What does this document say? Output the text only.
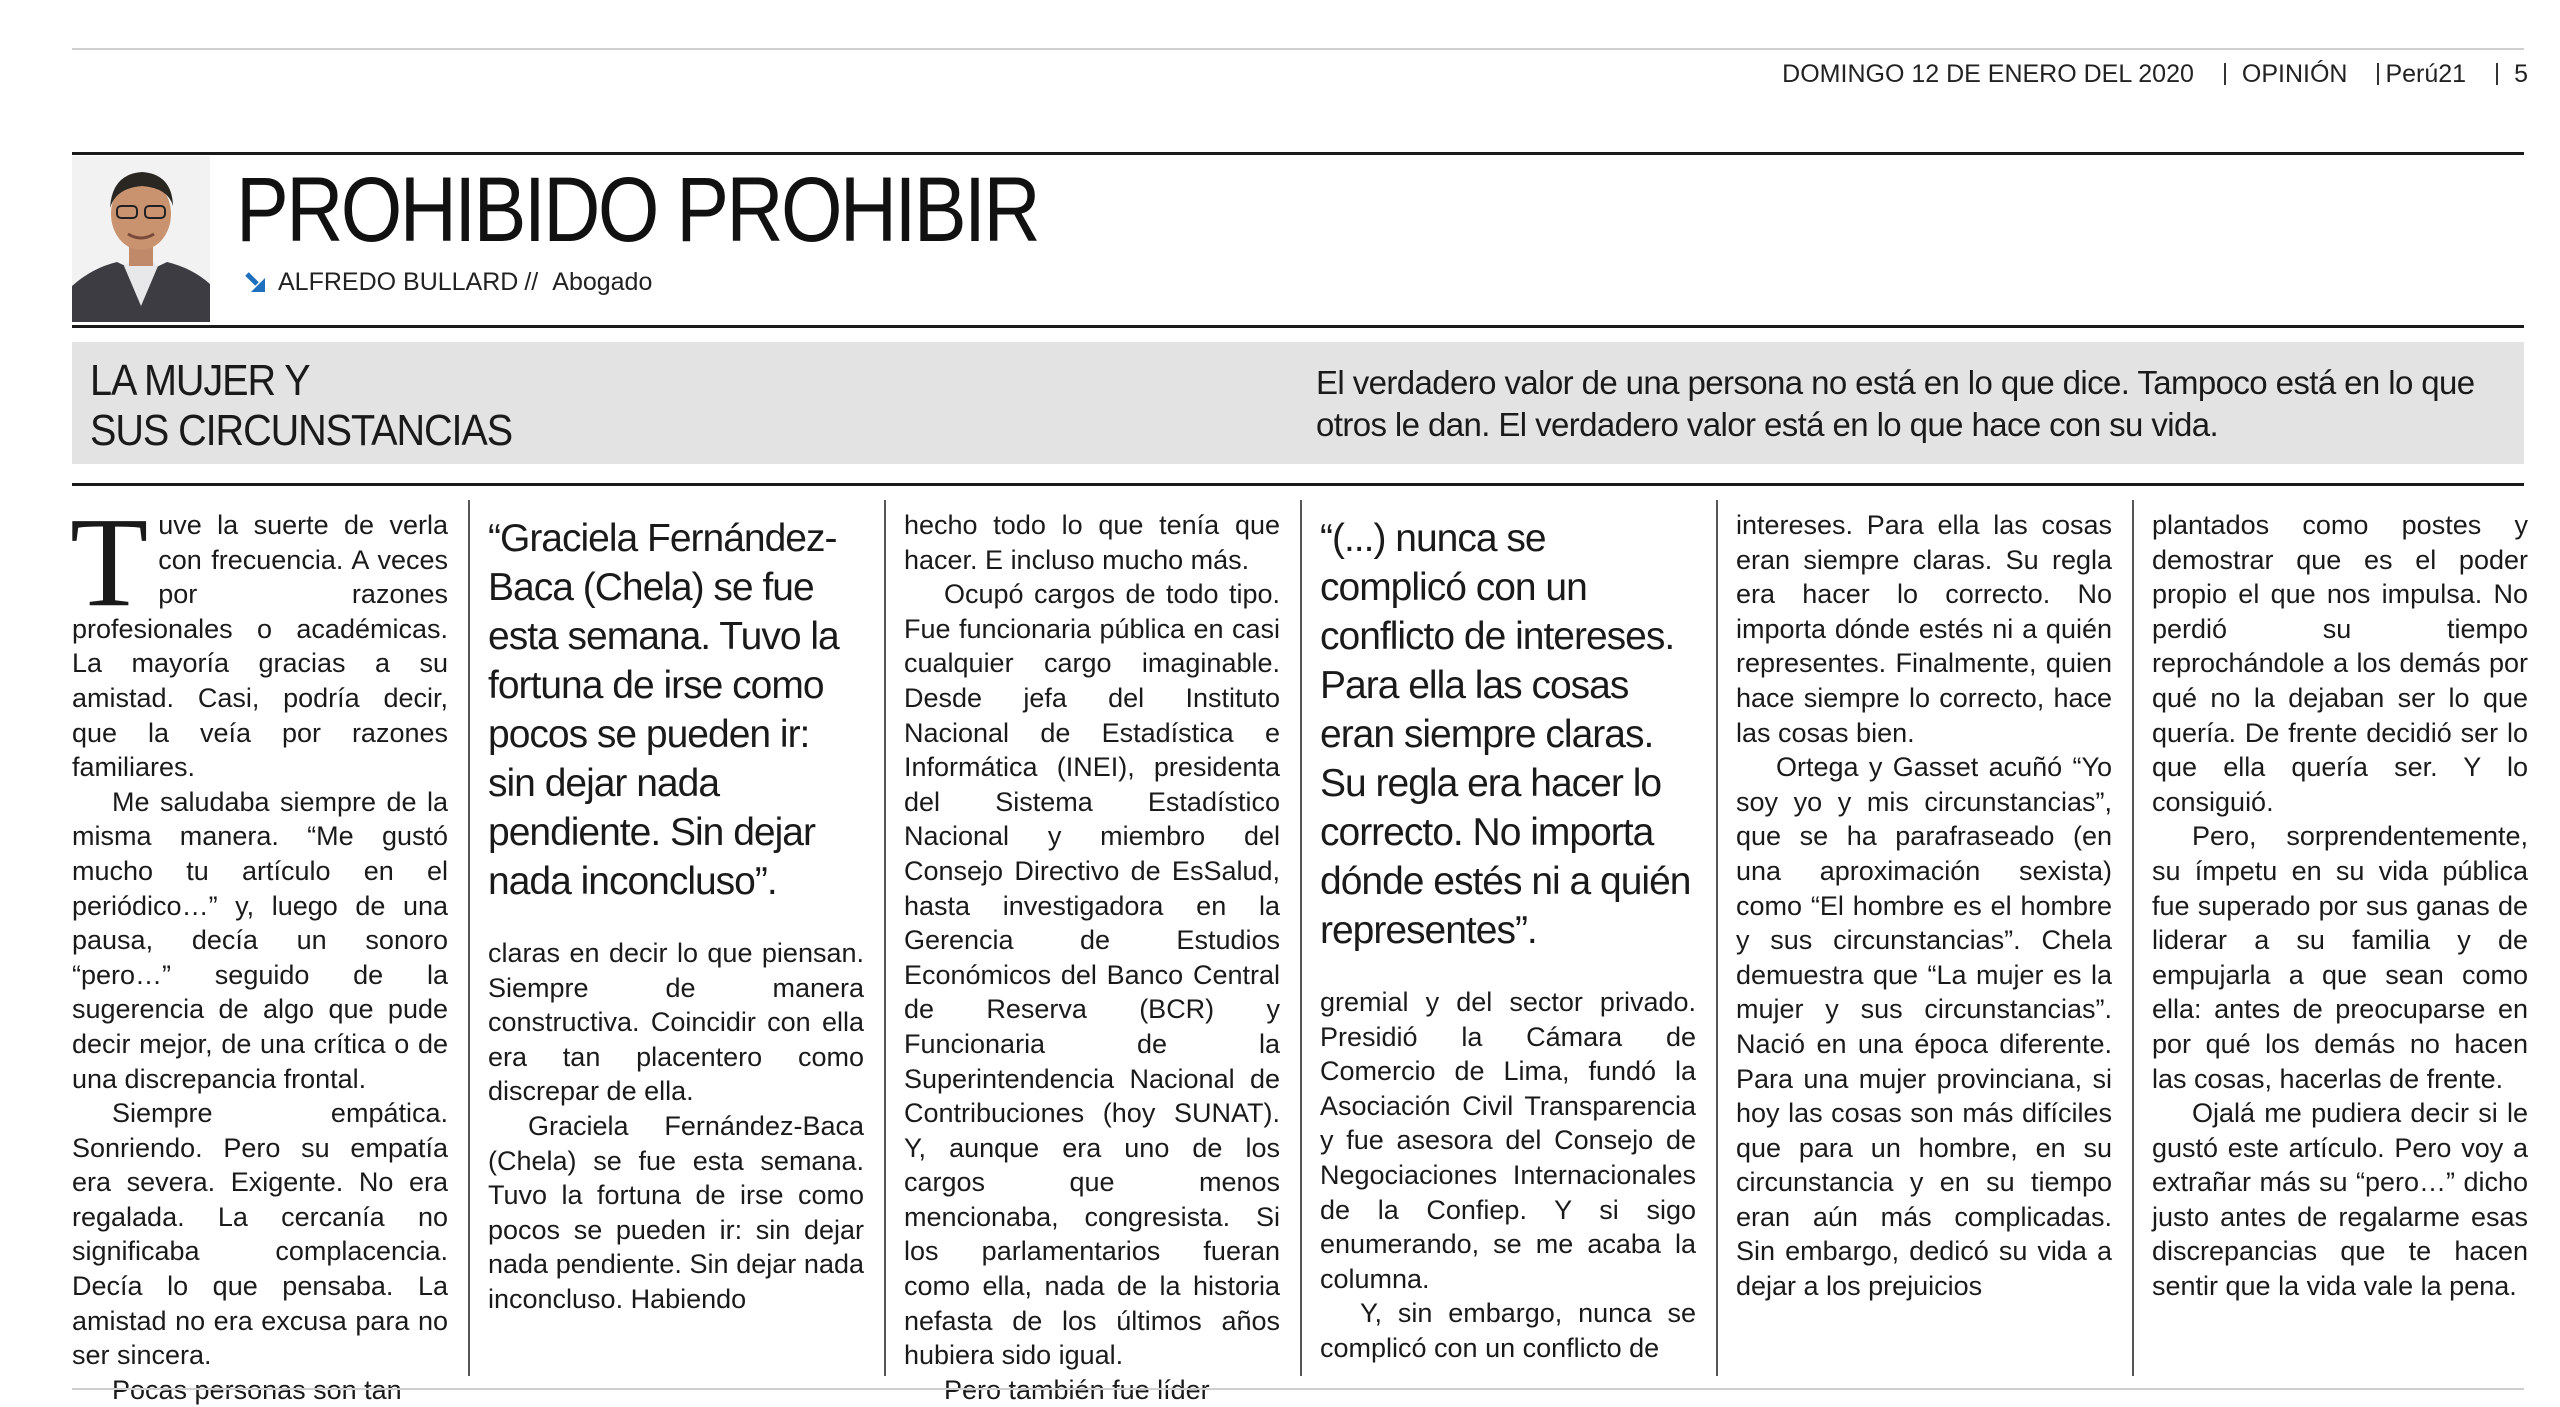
DOMINGO 12 DE ENERO DEL 2020 OPINIÓN Perú21 5
PROHIBIDO PROHIBIR
ALFREDO BULLARD // Abogado
LA MUJER Y
SUS CIRCUNSTANCIAS
El verdadero valor de una persona no está en lo que dice. Tampoco está en lo que otros le dan. El verdadero valor está en lo que hace con su vida.

Tuve la suerte de verla con frecuencia. A veces por razones profesionales o académicas. La mayoría gracias a su amistad. Casi, podría decir, que la veía por razones familiares.

Me saludaba siempre de la misma manera. “Me gustó mucho tu artículo en el periódico…” y, luego de una pausa, decía un sonoro “pero…” seguido de la sugerencia de algo que pude decir mejor, de una crítica o de una discrepancia frontal.

Siempre empática. Sonriendo. Pero su empatía era severa. Exigente. No era regalada. La cercanía no significaba complacencia. Decía lo que pensaba. La amistad no era excusa para no ser sincera.

Pocas personas son tan

“Graciela Fernández-Baca (Chela) se fue esta semana. Tuvo la fortuna de irse como pocos se pueden ir: sin dejar nada pendiente. Sin dejar nada inconcluso”.

claras en decir lo que piensan. Siempre de manera constructiva. Coincidir con ella era tan placentero como discrepar de ella.

Graciela Fernández-Baca (Chela) se fue esta semana. Tuvo la fortuna de irse como pocos se pueden ir: sin dejar nada pendiente. Sin dejar nada inconcluso. Habiendo

hecho todo lo que tenía que hacer. E incluso mucho más.

Ocupó cargos de todo tipo. Fue funcionaria pública en casi cualquier cargo imaginable. Desde jefa del Instituto Nacional de Estadística e Informática (INEI), presidenta del Sistema Estadístico Nacional y miembro del Consejo Directivo de EsSalud, hasta investigadora en la Gerencia de Estudios Económicos del Banco Central de Reserva (BCR) y Funcionaria de la Superintendencia Nacional de Contribuciones (hoy SUNAT). Y, aunque era uno de los cargos que menos mencionaba, congresista. Si los parlamentarios fueran como ella, nada de la historia nefasta de los últimos años hubiera sido igual.

Pero también fue líder

“(...) nunca se complicó con un conflicto de intereses. Para ella las cosas eran siempre claras. Su regla era hacer lo correcto. No importa dónde estés ni a quién representes”.

gremial y del sector privado. Presidió la Cámara de Comercio de Lima, fundó la Asociación Civil Transparencia y fue asesora del Consejo de Negociaciones Internacionales de la Confiep. Y si sigo enumerando, se me acaba la columna.

Y, sin embargo, nunca se complicó con un conflicto de

intereses. Para ella las cosas eran siempre claras. Su regla era hacer lo correcto. No importa dónde estés ni a quién representes. Finalmente, quien hace siempre lo correcto, hace las cosas bien.

Ortega y Gasset acuñó “Yo soy yo y mis circunstancias”, que se ha parafraseado (en una aproximación sexista) como “El hombre es el hombre y sus circunstancias”. Chela demuestra que “La mujer es la mujer y sus circunstancias”. Nació en una época diferente. Para una mujer provinciana, si hoy las cosas son más difíciles que para un hombre, en su circunstancia y en su tiempo eran aún más complicadas. Sin embargo, dedicó su vida a dejar a los prejuicios

plantados como postes y demostrar que es el poder propio el que nos impulsa. No perdió su tiempo reprochándole a los demás por qué no la dejaban ser lo que quería. De frente decidió ser lo que ella quería ser. Y lo consiguió.

Pero, sorprendentemente, su ímpetu en su vida pública fue superado por sus ganas de liderar a su familia y de empujarla a que sean como ella: antes de preocuparse en por qué los demás no hacen las cosas, hacerlas de frente.

Ojalá me pudiera decir si le gustó este artículo. Pero voy a extrañar más su “pero…” dicho justo antes de regalarme esas discrepancias que te hacen sentir que la vida vale la pena.
